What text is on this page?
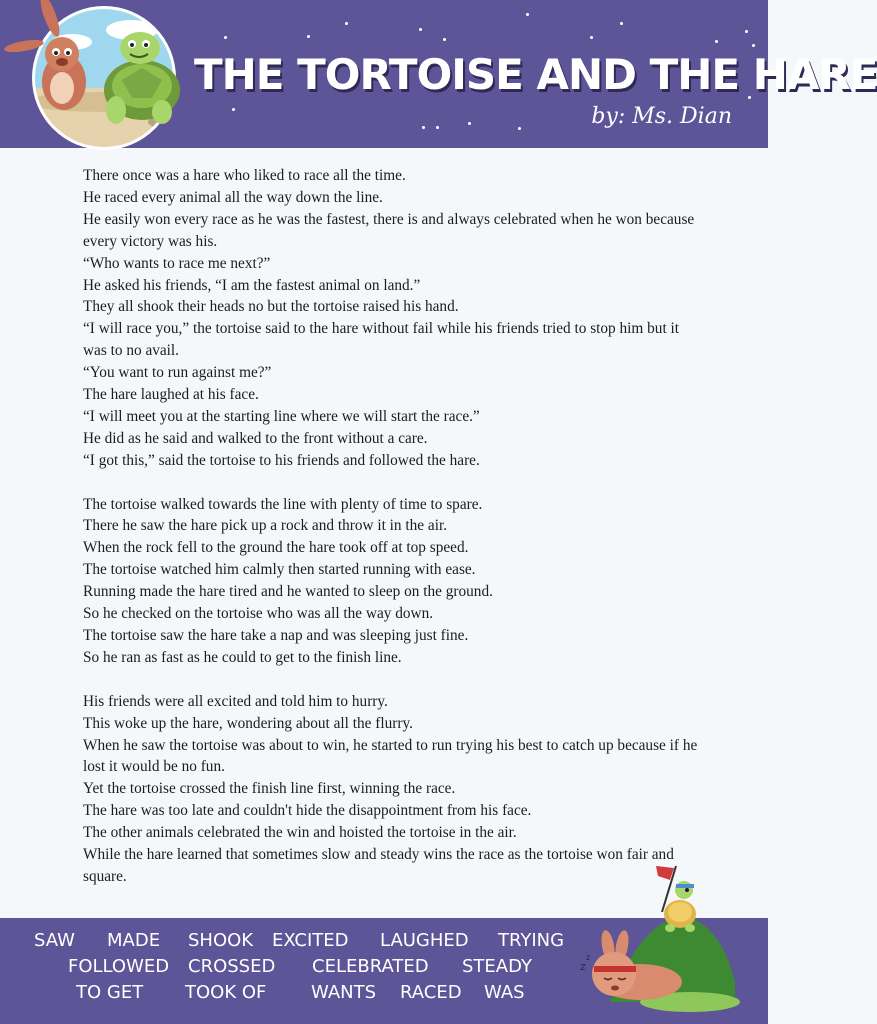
THE TORTOISE AND THE HARE
by: Ms. Dian

There once was a hare who liked to race all the time.

He raced every animal all the way down the line.

He easily won every race as he was the fastest, there is and always celebrated when he won because every victory was his.

“Who wants to race me next?”

He asked his friends, “I am the fastest animal on land.”

They all shook their heads no but the tortoise raised his hand.

“I will race you,” the tortoise said to the hare without fail while his friends tried to stop him but it was to no avail.

“You want to run against me?”

The hare laughed at his face.

“I will meet you at the starting line where we will start the race.”

He did as he said and walked to the front without a care.

“I got this,” said the tortoise to his friends and followed the hare.

The tortoise walked towards the line with plenty of time to spare.

There he saw the hare pick up a rock and throw it in the air.

When the rock fell to the ground the hare took off at top speed.

The tortoise watched him calmly then started running with ease.

Running made the hare tired and he wanted to sleep on the ground.

So he checked on the tortoise who was all the way down.

The tortoise saw the hare take a nap and was sleeping just fine.

So he ran as fast as he could to get to the finish line.

His friends were all excited and told him to hurry.

This woke up the hare, wondering about all the flurry.

When he saw the tortoise was about to win, he started to run trying his best to catch up because if he lost it would be no fun.

Yet the tortoise crossed the finish line first, winning the race.

The hare was too late and couldn't hide the disappointment from his face.

The other animals celebrated the win and hoisted the tortoise in the air.

While the hare learned that sometimes slow and steady wins the race as the tortoise won fair and square.

SAW MADE SHOOK EXCITED LAUGHED TRYING
FOLLOWED CROSSED CELEBRATED STEADY
TO GET TOOK OF WANTS RACED WAS
z
z
